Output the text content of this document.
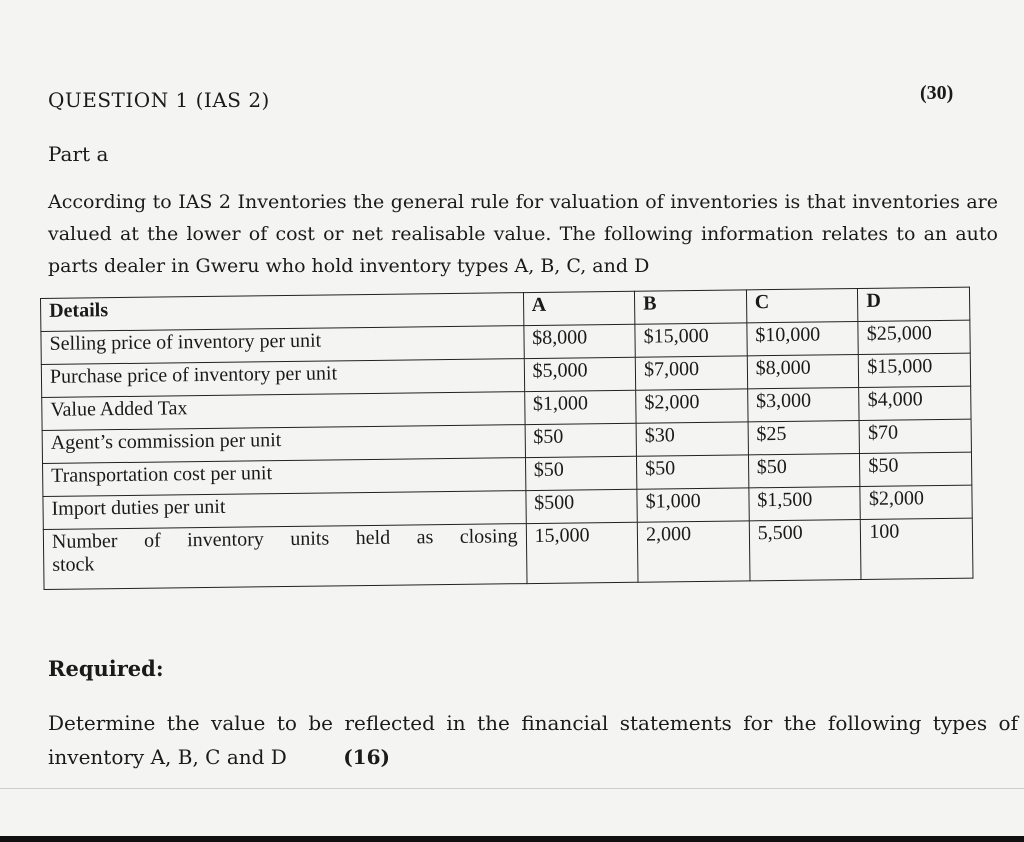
QUESTION 1 (IAS 2)	(30)
Part a
According to IAS 2 Inventories the general rule for valuation of inventories is that inventories are valued at the lower of cost or net realisable value. The following information relates to an auto parts dealer in Gweru who hold inventory types A, B, C, and D
Details	A	B	C	D
Selling price of inventory per unit	$8,000	$15,000	$10,000	$25,000
Purchase price of inventory per unit	$5,000	$7,000	$8,000	$15,000
Value Added Tax	$1,000	$2,000	$3,000	$4,000
Agent’s commission per unit	$50	$30	$25	$70
Transportation cost per unit	$50	$50	$50	$50
Import duties per unit	$500	$1,000	$1,500	$2,000

Number of inventory units held as closing
stock	15,000	2,000	5,500	100
Required:
Determine the value to be reflected in the financial statements for the following types of inventory A, B, C and D	(16)
